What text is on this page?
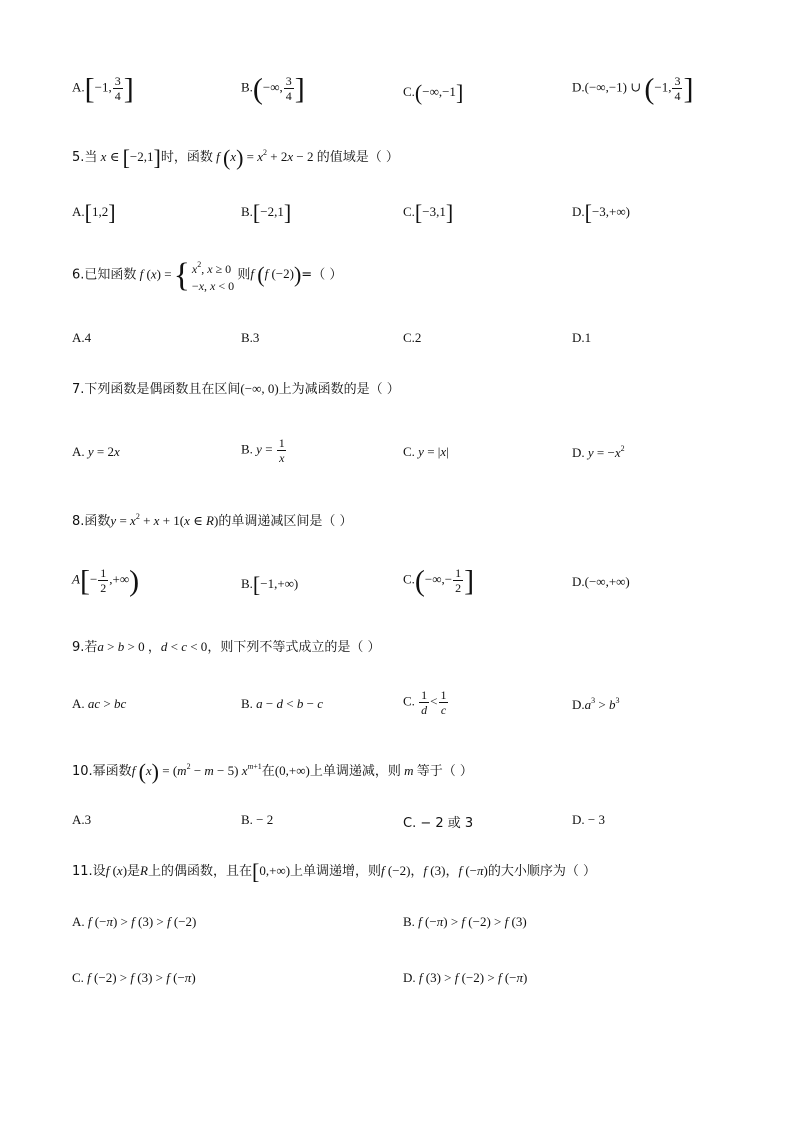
A.[−1, $\frac{3}{4}$ ]	B.(−∞, $\frac{3}{4}$ ]	C.(−∞,−1]	D.(−∞,−1) ∪ (−1, $\frac{3}{4}$ ]
5.当 x ∈ [−2,1]时，函数 f $(x) = x^2 + 2x - 2$ 的值域是（ ）
A.[1,2]	B.[−2,1]	C.[−3,1]	D.[−3,+∞)
6.已知函数 f (x) ={ $x^2$, x ≥ 0
−x, x < 0
则f (f (−2))=（ ）
A.4	B.3	C.2	D.1
7.下列函数是偶函数且在区间(−∞, 0)上为减函数的是（ ）
A. y = 2x	B. $y = \frac{1}{x}$	C. y = |x|	D. $y = -x^2$
8.函数$y = x^2 + x + 1(x$ ∈ R)的单调递减区间是（ ）
$A[- \frac{1}{2}$ ,+∞)	B.[−1,+∞)	$C.(-\infty,- \frac{1}{2}$ ]	D.(−∞,+∞)
9.若a > b > 0 ，d < c < 0，则下列不等式成立的是（ ）
A. ac > bc	B. a − d < b − c	C. $\frac{1}{d} < \frac{1}{c}$	$D.a^3 > b^3$
10.幂函数f $(x) = (m^2 - m - 5)$ $x^{m+1}$在(0,+∞)上单调递减，则 m 等于（ ）
A.3	B. − 2	C. − 2 或 3	D. − 3
11.设f (x)是R上的偶函数，且在[0,+∞)上单调递增，则f (−2)，f (3)，f (−π)的大小顺序为（ ）
A. f (−π) > f (3) > f (−2)	B. f (−π) > f (−2) > f (3)
C. f (−2) > f (3) > f (−π)	D. f (3) > f (−2) > f (−π)
